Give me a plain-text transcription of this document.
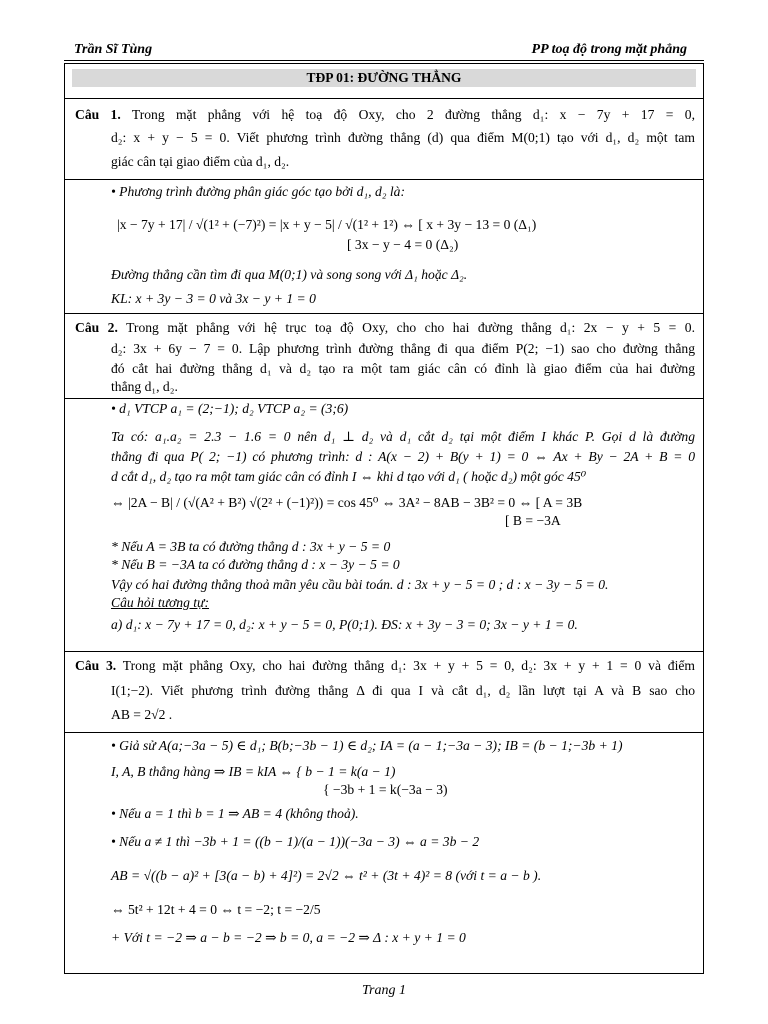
Trần Sĩ Tùng	PP toạ độ trong mặt phẳng
TĐP 01: ĐƯỜNG THẲNG
Câu 1. Trong mặt phẳng với hệ toạ độ Oxy, cho 2 đường thẳng d₁: x − 7y + 17 = 0,
d₂: x + y − 5 = 0. Viết phương trình đường thẳng (d) qua điểm M(0;1) tạo với d₁, d₂ một tam
giác cân tại giao điểm của d₁, d₂.
• Phương trình đường phân giác góc tạo bởi d₁, d₂ là:
|x − 7y + 17| / √(1² + (−7)²) = |x + y − 5| / √(1² + 1²) ⇔ [ x + 3y − 13 = 0 (Δ₁)
[ 3x − y − 4 = 0 (Δ₂)
Đường thẳng cần tìm đi qua M(0;1) và song song với Δ₁ hoặc Δ₂.
KL: x + 3y − 3 = 0 và 3x − y + 1 = 0
Câu 2. Trong mặt phẳng với hệ trục toạ độ Oxy, cho cho hai đường thẳng d₁: 2x − y + 5 = 0.
d₂: 3x + 6y − 7 = 0. Lập phương trình đường thẳng đi qua điểm P(2; −1) sao cho đường thẳng
đó cắt hai đường thẳng d₁ và d₂ tạo ra một tam giác cân có đỉnh là giao điểm của hai đường
thẳng d₁, d₂.
• d₁ VTCP a₁ = (2;−1); d₂ VTCP a₂ = (3;6)
Ta có: a₁.a₂ = 2.3 − 1.6 = 0 nên d₁ ⊥ d₂ và d₁ cắt d₂ tại một điểm I khác P. Gọi d là đường
thẳng đi qua P( 2; −1) có phương trình: d : A(x − 2) + B(y + 1) = 0 ⇔ Ax + By − 2A + B = 0
d cắt d₁, d₂ tạo ra một tam giác cân có đỉnh I ⇔ khi d tạo với d₁ ( hoặc d₂) một góc 45⁰
⇔ |2A − B| / (√(A² + B²) √(2² + (−1)²)) = cos 45⁰ ⇔ 3A² − 8AB − 3B² = 0 ⇔ [ A = 3B
[ B = −3A
* Nếu A = 3B ta có đường thẳng d : 3x + y − 5 = 0
* Nếu B = −3A ta có đường thẳng d : x − 3y − 5 = 0
Vậy có hai đường thẳng thoả mãn yêu cầu bài toán. d : 3x + y − 5 = 0 ; d : x − 3y − 5 = 0.
Câu hỏi tương tự:
a) d₁: x − 7y + 17 = 0, d₂: x + y − 5 = 0, P(0;1). ĐS: x + 3y − 3 = 0; 3x − y + 1 = 0.
Câu 3. Trong mặt phẳng Oxy, cho hai đường thẳng d₁: 3x + y + 5 = 0, d₂: 3x + y + 1 = 0 và điểm
I(1;−2). Viết phương trình đường thẳng Δ đi qua I và cắt d₁, d₂ lần lượt tại A và B sao cho
AB = 2√2 .
• Giả sử A(a;−3a − 5) ∈ d₁; B(b;−3b − 1) ∈ d₂; IA = (a − 1;−3a − 3); IB = (b − 1;−3b + 1)
I, A, B thẳng hàng ⇒ IB = kIA ⇔ { b − 1 = k(a − 1)
{ −3b + 1 = k(−3a − 3)
• Nếu a = 1 thì b = 1 ⇒ AB = 4 (không thoả).
• Nếu a ≠ 1 thì −3b + 1 = ((b − 1)/(a − 1))(−3a − 3) ⇔ a = 3b − 2
AB = √((b − a)² + [3(a − b) + 4]²) = 2√2 ⇔ t² + (3t + 4)² = 8 (với t = a − b ).
⇔ 5t² + 12t + 4 = 0 ⇔ t = −2; t = −2/5
+ Với t = −2 ⇒ a − b = −2 ⇒ b = 0, a = −2 ⇒ Δ : x + y + 1 = 0
Trang 1
